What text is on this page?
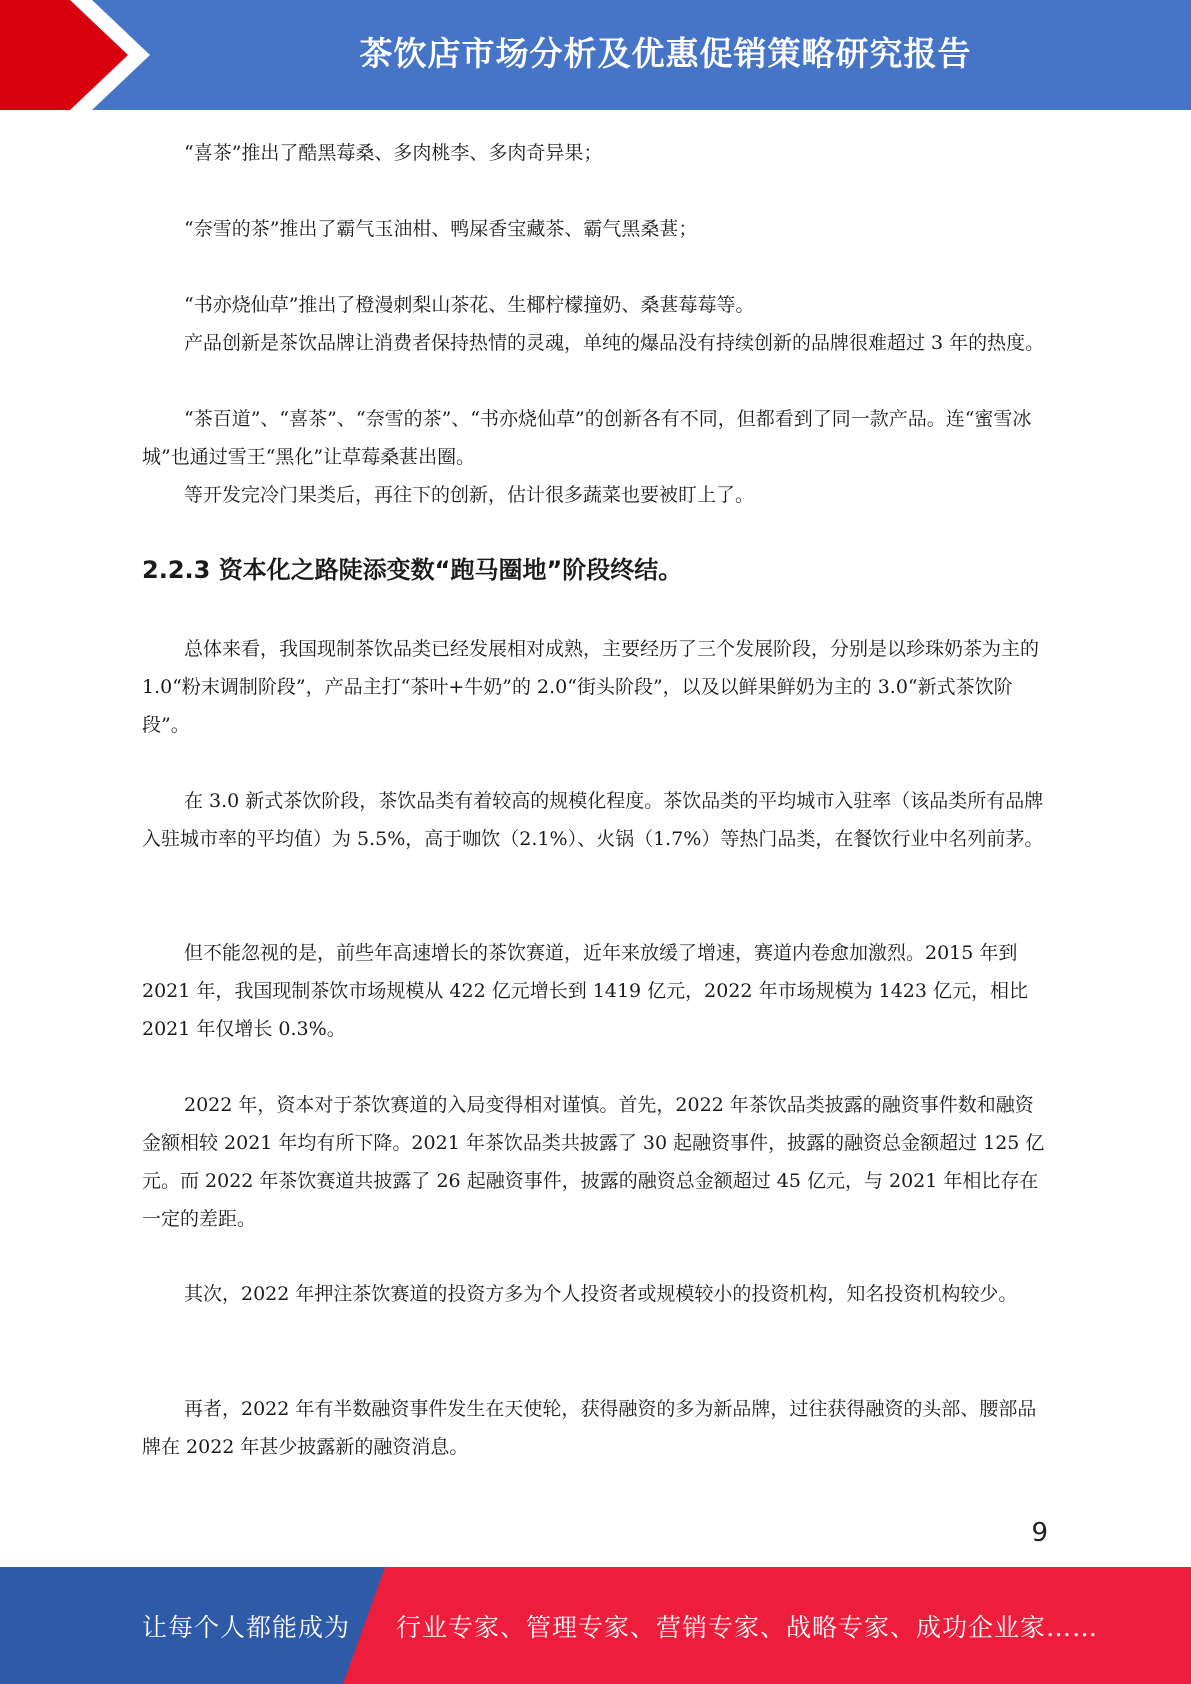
茶饮店市场分析及优惠促销策略研究报告

“喜茶”推出了酷黑莓桑、多肉桃李、多肉奇异果；

“奈雪的茶”推出了霸气玉油柑、鸭屎香宝藏茶、霸气黑桑葚；

“书亦烧仙草”推出了橙漫刺梨山茶花、生椰柠檬撞奶、桑葚莓莓等。

产品创新是茶饮品牌让消费者保持热情的灵魂，单纯的爆品没有持续创新的品牌很难超过 3 年的热度。

“茶百道”、“喜茶”、“奈雪的茶”、“书亦烧仙草”的创新各有不同，但都看到了同一款产品。连“蜜雪冰城”也通过雪王“黑化”让草莓桑葚出圈。

等开发完冷门果类后，再往下的创新，估计很多蔬菜也要被盯上了。

2.2.3 资本化之路陡添变数“跑马圈地”阶段终结。

总体来看，我国现制茶饮品类已经发展相对成熟，主要经历了三个发展阶段，分别是以珍珠奶茶为主的 1.0“粉末调制阶段”，产品主打“茶叶+牛奶”的 2.0“街头阶段”，以及以鲜果鲜奶为主的 3.0“新式茶饮阶段”。

在 3.0 新式茶饮阶段，茶饮品类有着较高的规模化程度。茶饮品类的平均城市入驻率（该品类所有品牌入驻城市率的平均值）为 5.5%，高于咖饮（2.1%）、火锅（1.7%）等热门品类，在餐饮行业中名列前茅。

但不能忽视的是，前些年高速增长的茶饮赛道，近年来放缓了增速，赛道内卷愈加激烈。2015 年到 2021 年，我国现制茶饮市场规模从 422 亿元增长到 1419 亿元，2022 年市场规模为 1423 亿元，相比 2021 年仅增长 0.3%。

2022 年，资本对于茶饮赛道的入局变得相对谨慎。首先，2022 年茶饮品类披露的融资事件数和融资金额相较 2021 年均有所下降。2021 年茶饮品类共披露了 30 起融资事件，披露的融资总金额超过 125 亿元。而 2022 年茶饮赛道共披露了 26 起融资事件，披露的融资总金额超过 45 亿元，与 2021 年相比存在一定的差距。

其次，2022 年押注茶饮赛道的投资方多为个人投资者或规模较小的投资机构，知名投资机构较少。

再者，2022 年有半数融资事件发生在天使轮，获得融资的多为新品牌，过往获得融资的头部、腰部品牌在 2022 年甚少披露新的融资消息。

9
让每个人都能成为 行业专家、管理专家、营销专家、战略专家、成功企业家……
